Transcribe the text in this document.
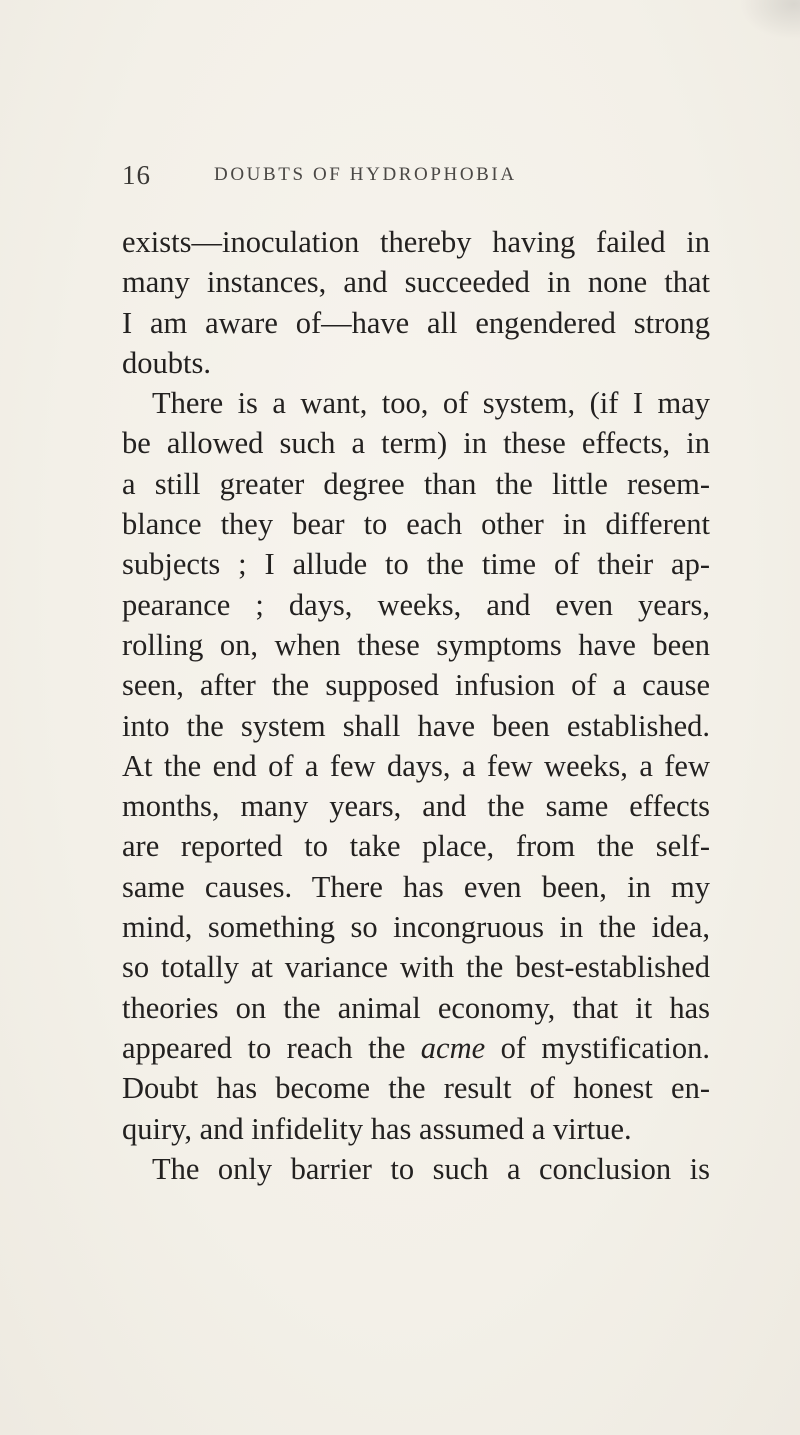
16	DOUBTS OF HYDROPHOBIA
exists—inoculation thereby having failed in
many instances, and succeeded in none that
I am aware of—have all engendered strong
doubts.
There is a want, too, of system, (if I may
be allowed such a term) in these effects, in
a still greater degree than the little resem-
blance they bear to each other in different
subjects ; I allude to the time of their ap-
pearance ; days, weeks, and even years,
rolling on, when these symptoms have been
seen, after the supposed infusion of a cause
into the system shall have been established.
At the end of a few days, a few weeks, a few
months, many years, and the same effects
are reported to take place, from the self-
same causes. There has even been, in my
mind, something so incongruous in the idea,
so totally at variance with the best-established
theories on the animal economy, that it has
appeared to reach the acme of mystification.
Doubt has become the result of honest en-
quiry, and infidelity has assumed a virtue.
The only barrier to such a conclusion is
